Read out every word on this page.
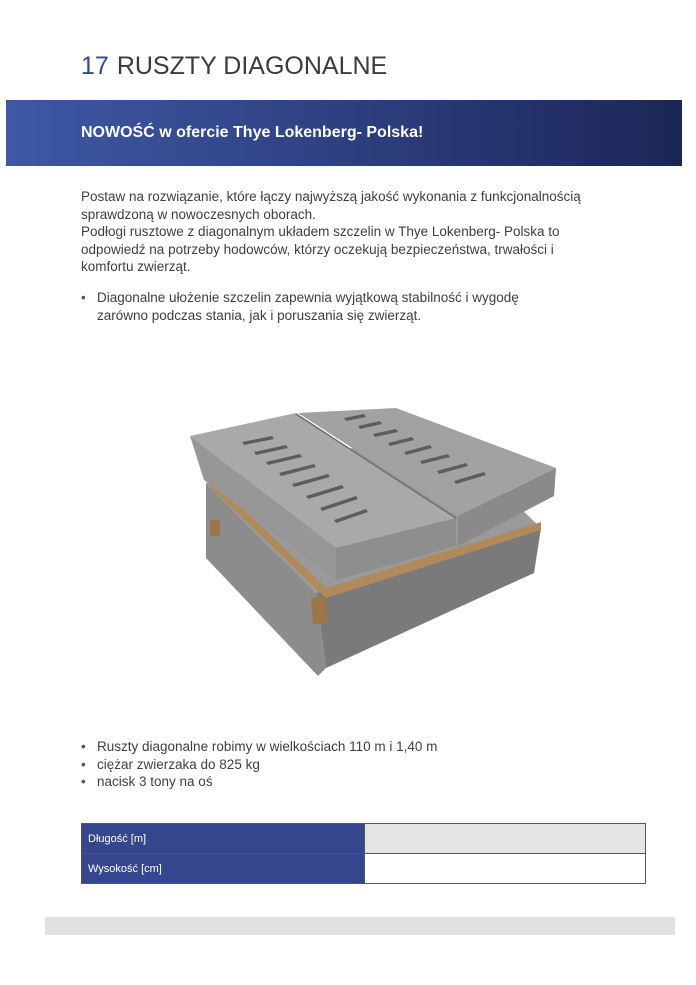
17 RUSZTY DIAGONALNE
NOWOŚĆ w ofercie Thye Lokenberg- Polska!

Postaw na rozwiązanie, które łączy najwyższą jakość wykonania z funkcjonalnością sprawdzoną w nowoczesnych oborach.

Podłogi rusztowe z diagonalnym układem szczelin w Thye Lokenberg- Polska to odpowiedź na potrzeby hodowców, którzy oczekują bezpieczeństwa, trwałości i komfortu zwierząt.

• Diagonalne ułożenie szczelin zapewnia wyjątkową stabilność i wygodę zarówno podczas stania, jak i poruszania się zwierząt.
• Ruszty diagonalne robimy w wielkościach 110 m i 1,40 m
• ciężar zwierzaka do 825 kg
• nacisk 3 tony na oś
Długość [m]	
Wysokość [cm]	
